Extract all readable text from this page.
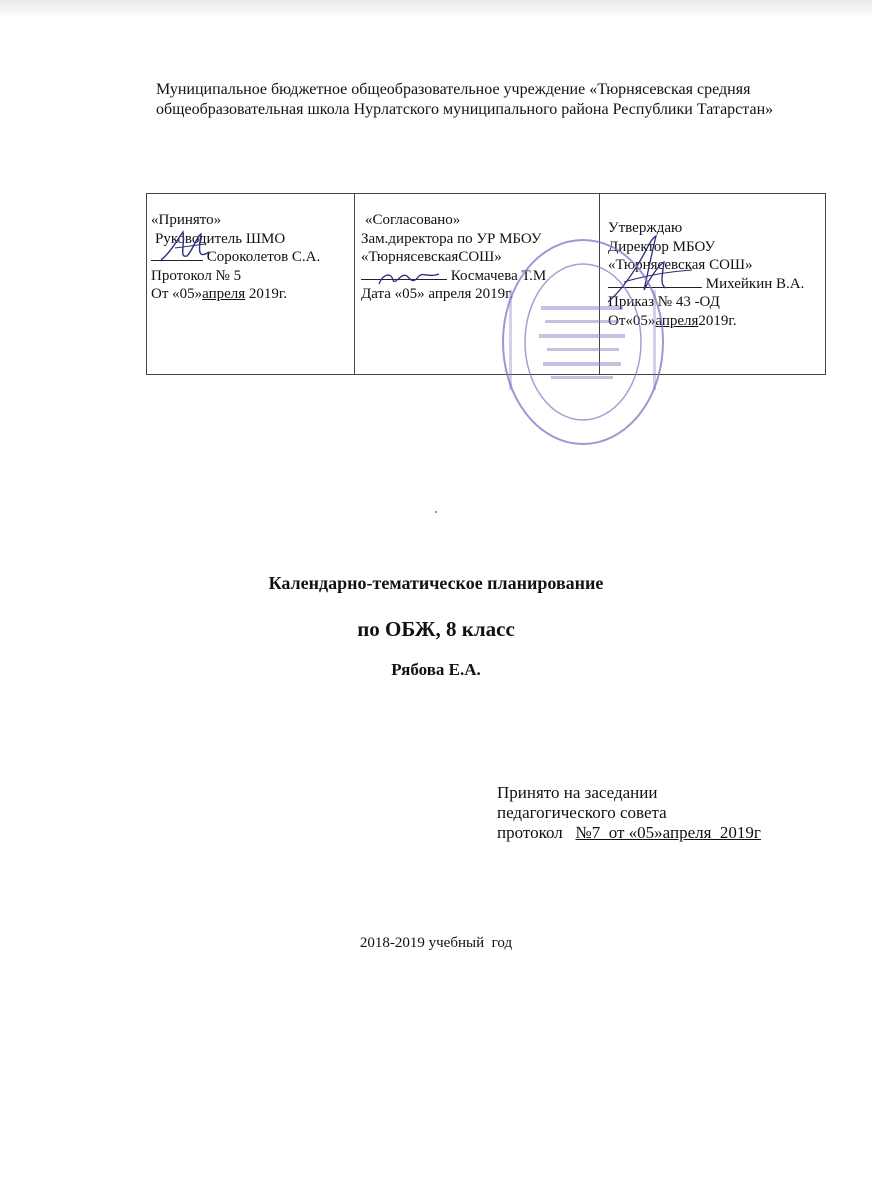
Муниципальное бюджетное общеобразовательное учреждение «Тюрнясевская средняя
общеобразовательная школа Нурлатского муниципального района Республики Татарстан»
«Принято»
Руководитель ШМО
Сороколетов С.А.
Протокол № 5
От «05»апреля 2019г.

«Согласовано»
Зам.директора по УР МБОУ
«ТюрнясевскаяСОШ»
Космачева Т.М
Дата «05» апреля 2019г.

Утверждаю
Директор МБОУ
«Тюрнясевская СОШ»
Михейкин В.А.
Приказ № 43 -ОД
От«05»апреля2019г.
Календарно-тематическое планирование
по ОБЖ, 8 класс
Рябова Е.А.
Принято на заседании
педагогического совета
протокол   №7  от «05»апреля  2019г
2018-2019 учебный  год
